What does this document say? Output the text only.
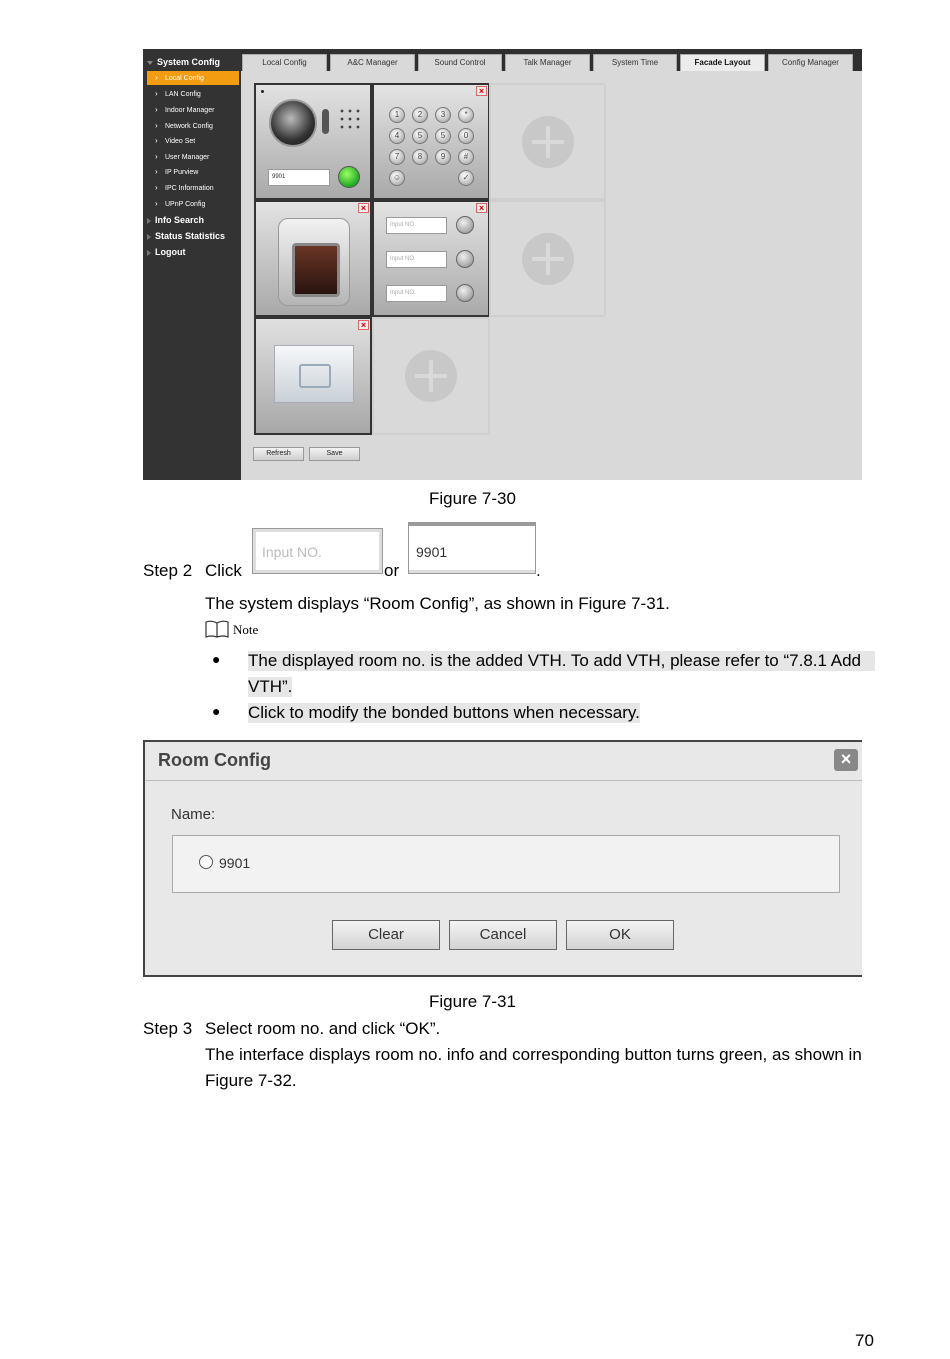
System Config
› Local Config
› LAN Config
› Indoor Manager
› Network Config
› Video Set
› User Manager
› IP Purview
› IPC Information
› UPnP Config
Info Search
Status Statistics
Logout
Local Config	A&C Manager	Sound Control	Talk Manager	System Time	Facade Layout	Config Manager
9901
×
1	2	3	*
4	5	5	0
7	8	9	#
☺	✓
×	×
Input NO.
Input NO.
Input NO.
×
Refresh	Save
Figure 7-30
Step 2 Click
Input NO.
or
9901
.
The system displays “Room Config”, as shown in Figure 7-31.
Note
● The displayed room no. is the added VTH. To add VTH, please refer to “7.8.1 Add
VTH”.
● Click to modify the bonded buttons when necessary.
Room Config	×
Name:
9901
Clear	Cancel	OK
Figure 7-31
Step 3 Select room no. and click “OK”.
The interface displays room no. info and corresponding button turns green, as shown in
Figure 7-32.
70
